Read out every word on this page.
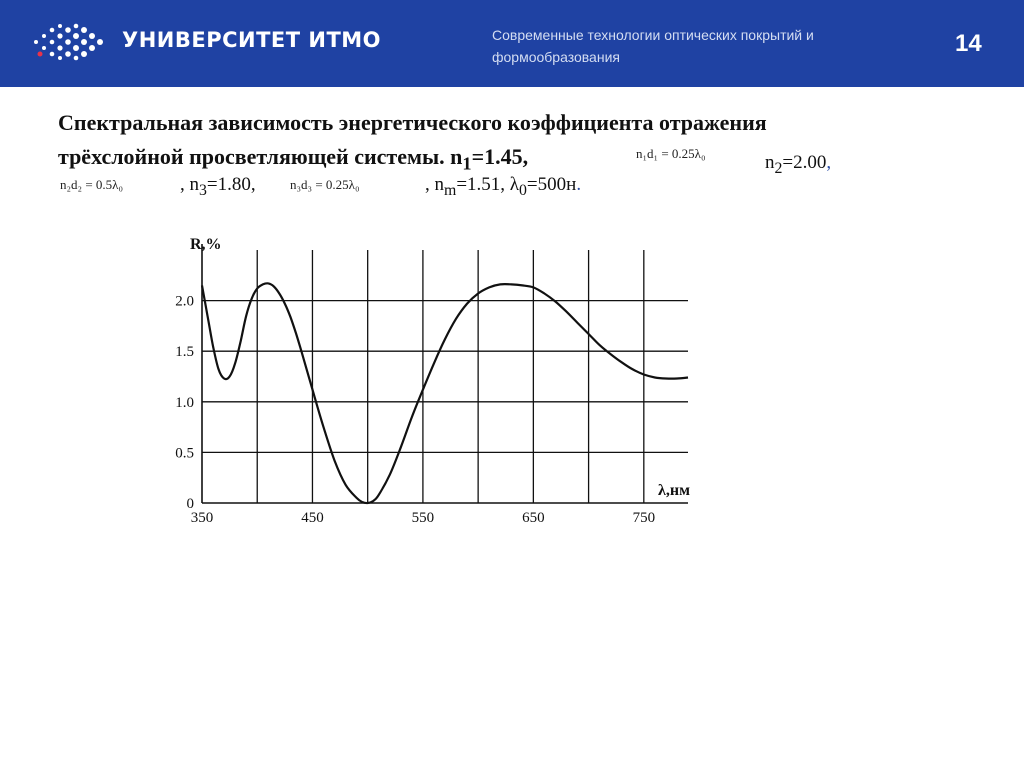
УНИВЕРСИТЕТ ИТМО	Современные технологии оптических покрытий и
формообразования	14
Спектральная зависимость энергетического коэффициента отражения
трёхслойной просветляющей системы. $n_1=1.45$,	n₁d₁ = 0.25λ₀	$n_2=2.00$,
n₂d₂ = 0.5λ₀	, $n_3=1.80$,	n₃d₃ = 0.25λ₀	, $n_m=1.51$, $\lambda_0=500н$.
0
0.5
1.0
1.5
2.0
350	450	550	650	750
R,%
λ,нм
